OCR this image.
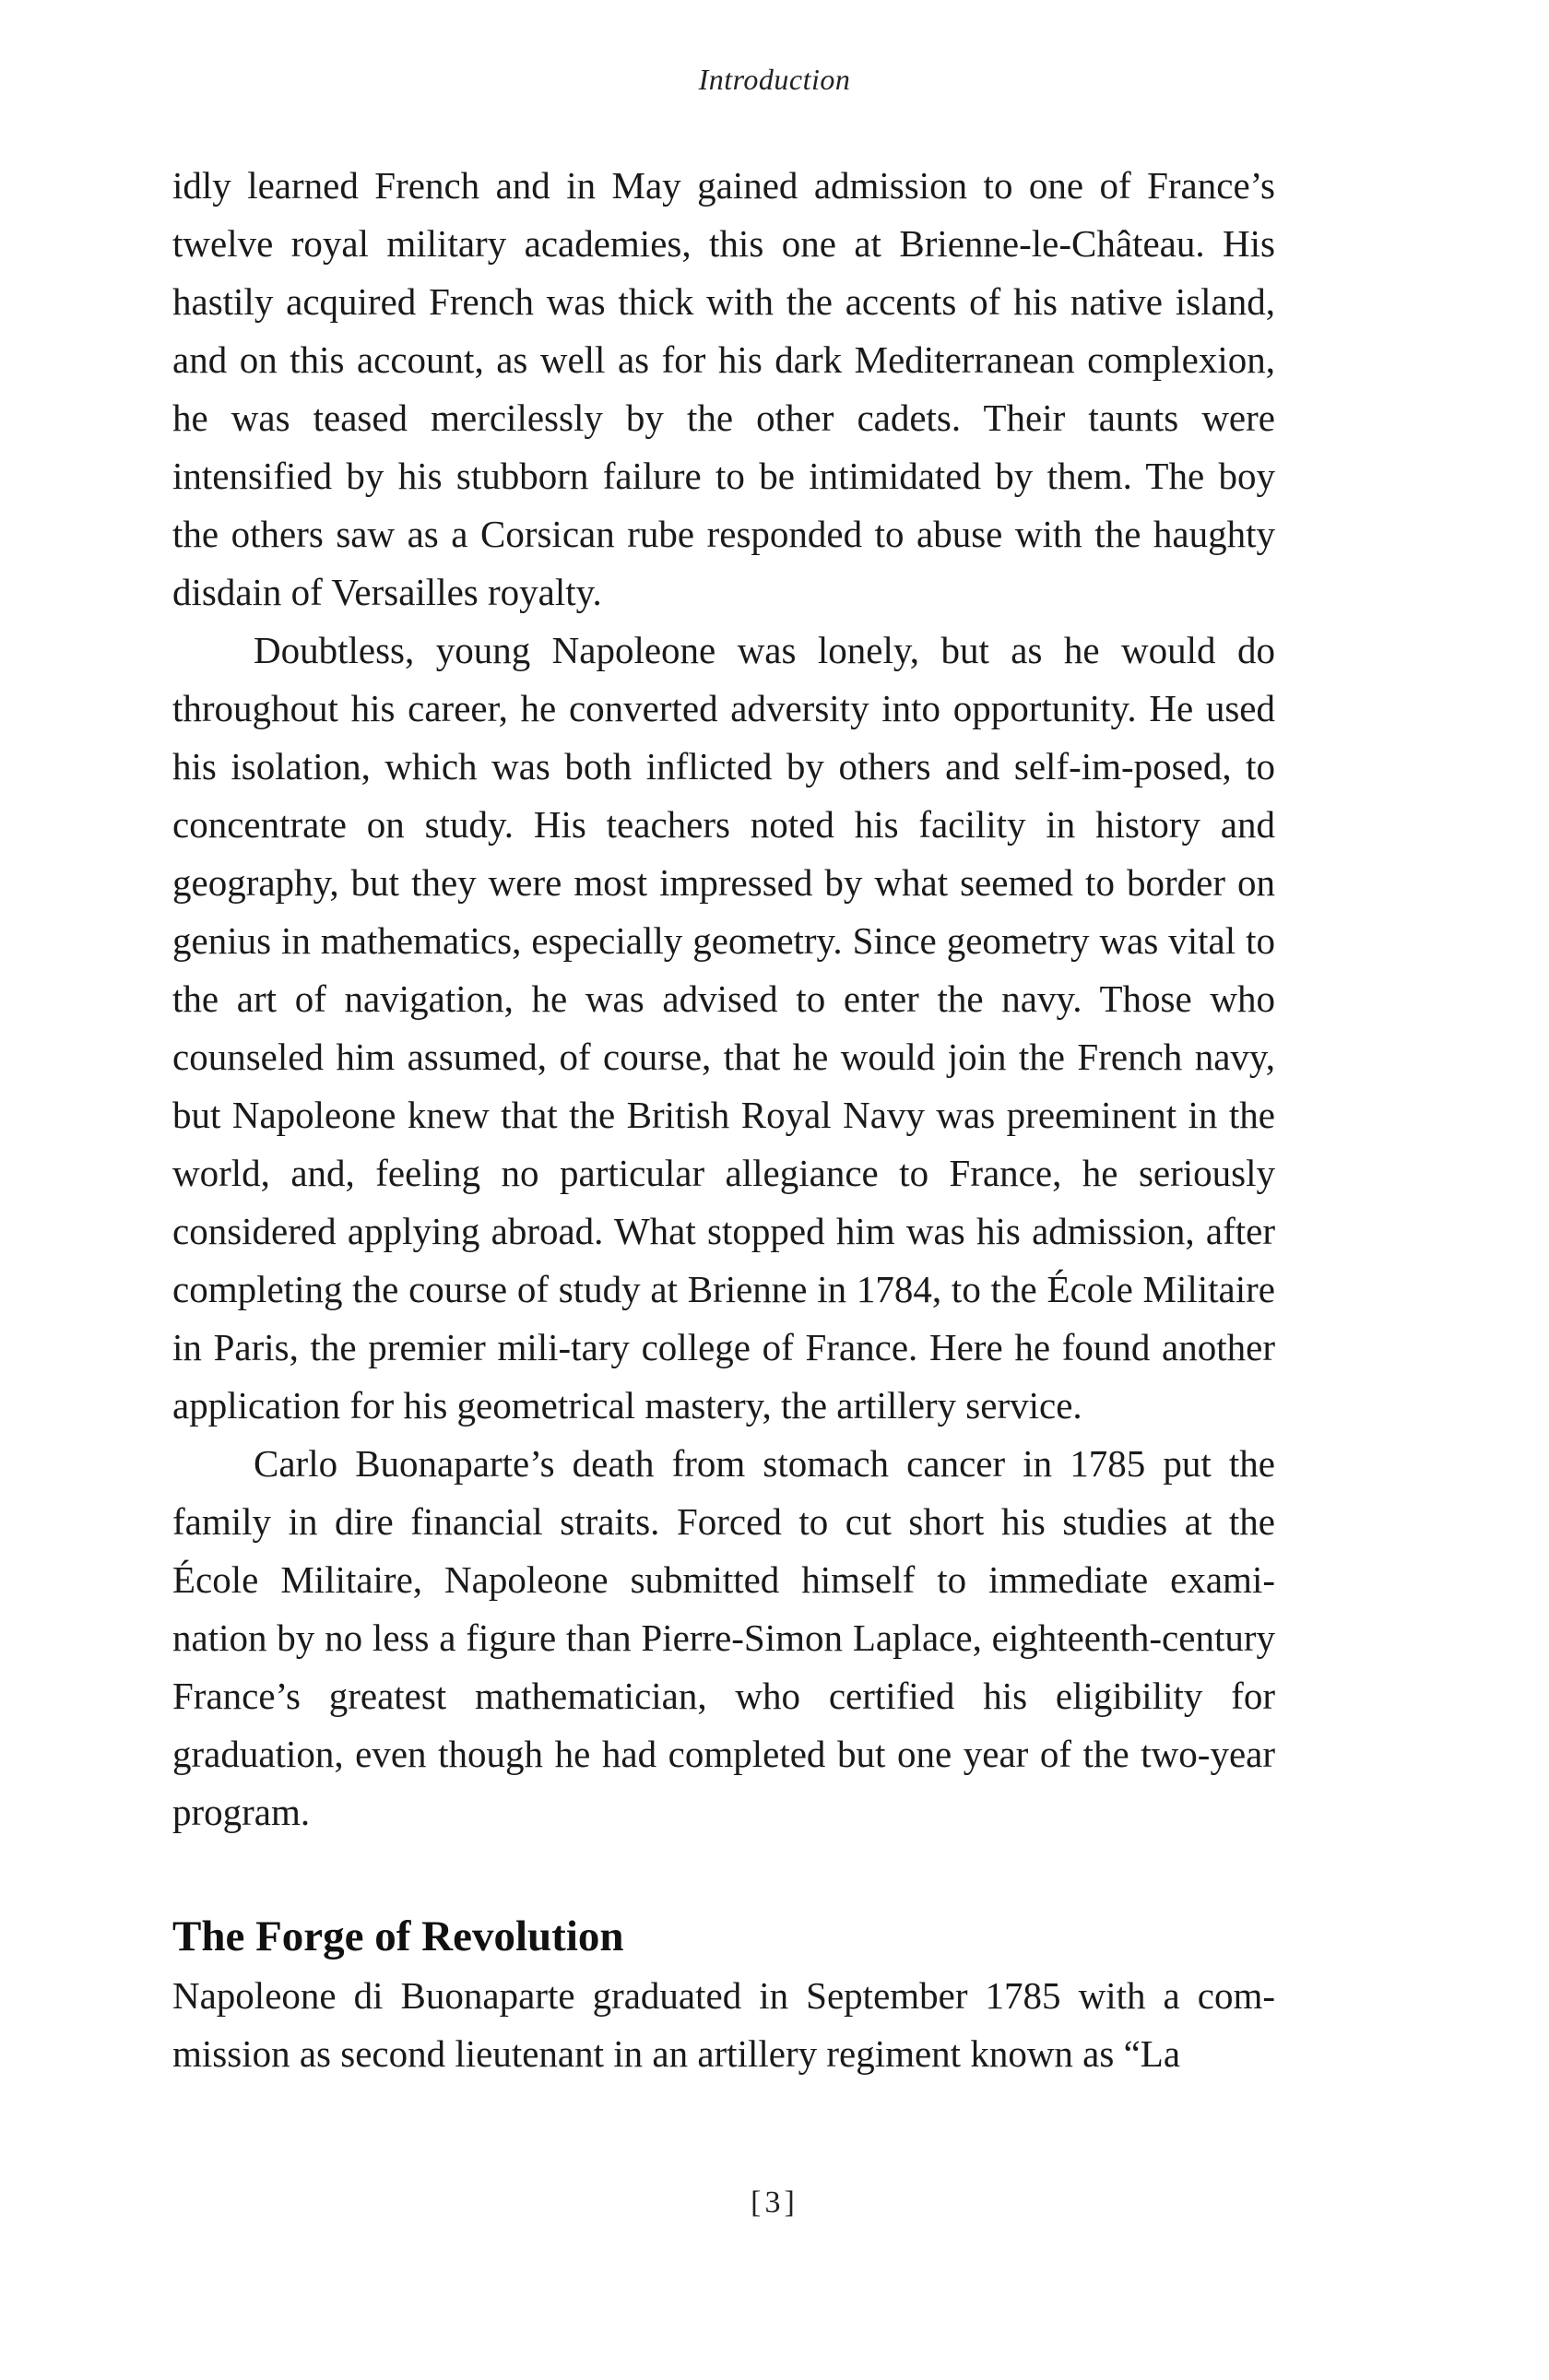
Introduction

idly learned French and in May gained admission to one of France’s twelve royal military academies, this one at Brienne-le-Château. His hastily acquired French was thick with the accents of his native island, and on this account, as well as for his dark Mediterranean complexion, he was teased mercilessly by the other cadets. Their taunts were intensified by his stubborn failure to be intimidated by them. The boy the others saw as a Corsican rube responded to abuse with the haughty disdain of Versailles royalty.

Doubtless, young Napoleone was lonely, but as he would do throughout his career, he converted adversity into opportunity. He used his isolation, which was both inflicted by others and self-im-posed, to concentrate on study. His teachers noted his facility in history and geography, but they were most impressed by what seemed to border on genius in mathematics, especially geometry. Since geometry was vital to the art of navigation, he was advised to enter the navy. Those who counseled him assumed, of course, that he would join the French navy, but Napoleone knew that the British Royal Navy was preeminent in the world, and, feeling no particular allegiance to France, he seriously considered applying abroad. What stopped him was his admission, after completing the course of study at Brienne in 1784, to the École Militaire in Paris, the premier mili-tary college of France. Here he found another application for his geometrical mastery, the artillery service.

Carlo Buonaparte’s death from stomach cancer in 1785 put the family in dire financial straits. Forced to cut short his studies at the École Militaire, Napoleone submitted himself to immediate exami-nation by no less a figure than Pierre-Simon Laplace, eighteenth-century France’s greatest mathematician, who certified his eligibility for graduation, even though he had completed but one year of the two-year program.

The Forge of Revolution

Napoleone di Buonaparte graduated in September 1785 with a com-mission as second lieutenant in an artillery regiment known as “La

[3]
